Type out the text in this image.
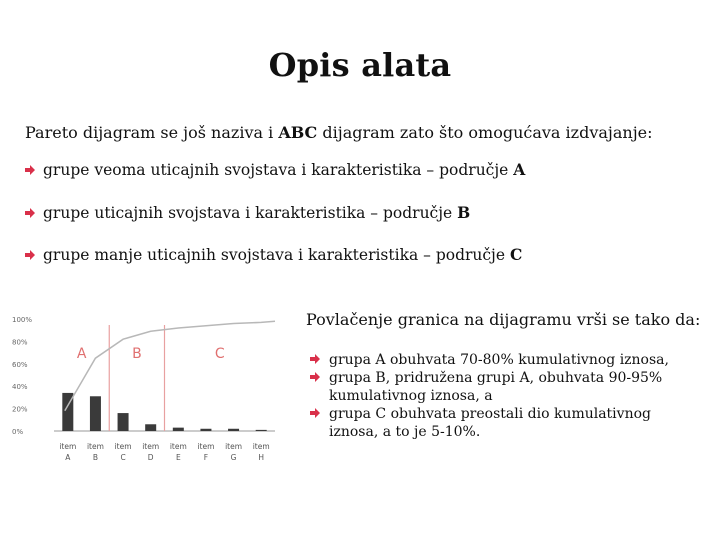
Opis alata
Pareto dijagram se još naziva i ABC dijagram zato što omogućava izdvajanje:
grupe veoma uticajnih svojstava i karakteristika – područje A
grupe uticajnih svojstava i karakteristika – područje B
grupe manje uticajnih svojstava i karakteristika – područje C
100%
80%
60%
40%
20%
0%
A	B	C
item A
item B
item C
item D
item E
item F
item G
item H
Povlačenje granica na dijagramu vrši se tako da:
grupa A obuhvata 70-80% kumulativnog iznosa,
grupa B, pridružena grupi A, obuhvata 90-95% kumulativnog iznosa, a
grupa C obuhvata preostali dio kumulativnog iznosa, a to je 5-10%.
